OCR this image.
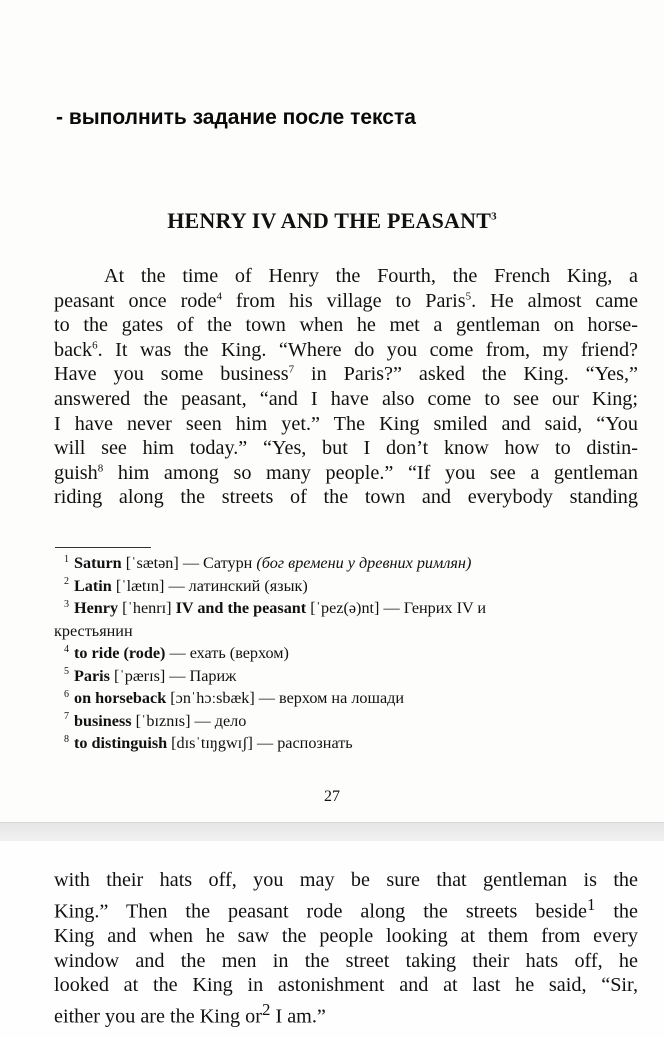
- выполнить задание после текста
HENRY IV AND THE PEASANT$^3$
At the time of Henry the Fourth, the French King, a
peasant once rode$^4$ from his village to Paris$^5$. He almost came
to the gates of the town when he met a gentleman on horse-
back$^6$. It was the King. “Where do you come from, my friend?
Have you some business$^7$ in Paris?” asked the King. “Yes,”
answered the peasant, “and I have also come to see our King;
I have never seen him yet.” The King smiled and said, “You
will see him today.” “Yes, but I don’t know how to distin-
guish$^8$ him among so many people.” “If you see a gentleman
riding along the streets of the town and everybody standing
$^1$ Saturn [ˈsætən] — Сатурн (бог времени у древних римлян)
$^2$ Latin [ˈlætɪn] — латинский (язык)
$^3$ Henry [ˈhenrɪ] IV and the peasant [ˈpez(ə)nt] — Генрих IV и
крестьянин
$^4$ to ride (rode) — ехать (верхом)
$^5$ Paris [ˈpærɪs] — Париж
$^6$ on horseback [ɔnˈhɔːsbæk] — верхом на лошади
$^7$ business [ˈbɪznɪs] — дело
$^8$ to distinguish [dɪsˈtɪŋgwɪʃ] — распознать
27
with their hats off, you may be sure that gentleman is the
King.” Then the peasant rode along the streets beside$^1$ the
King and when he saw the people looking at them from every
window and the men in the street taking their hats off, he
looked at the King in astonishment and at last he said, “Sir,
either you are the King $or^2$ I am.”
